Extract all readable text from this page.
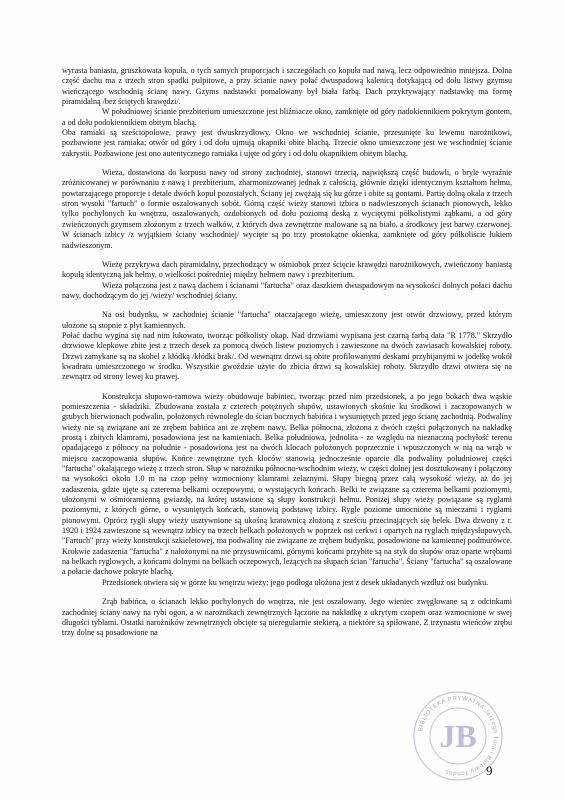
wyrasta baniasta, gruszkowata kopuła, o tych samych proporcjach i szczegółach co kopuła nad nawą, lecz odpowiednio mniejsza. Dolna część dachu ma z trzech stron spadki pulpitowe, a przy ścianie nawy połać dwuspadową kalenicą dotykającą od dołu listwy gzymsu wieńczącego wschodnią ścianę nawy. Gzyms nadstawki pomalowany był biała farbą. Dach przykrywający nadstawkę ma formę piramidalną /bez ściętych krawędzi/.

W południowej ścianie prezbiterium umieszczone jest bliźniacze okno, zamknięte od góry nadokiennikiem pokrytym gontem, a od dołu podokiennikiem obitym blachą.

Oba ramiaki są sześciopolowe, prawy jest dwuskrzydłowy. Okno we wschodniej ścianie, przesunięte ku lewemu narożnikowi, pozbawione jest ramiaka; otwór od góry i od dołu ujmują okapniki obite blachą. Trzecie okno umieszczone jest we wschodniej ścianie zakrystii. Pozbawione jest ono autentycznego ramiaka i ujęte od góry i od dołu okapnikiem obitym blachą.

Wieża, dostawiona do korpusu nawy od strony zachodniej, stanowi trzecią, największą część budowli, o bryle wyraźnie zróżnicowanej w porównaniu z nawą i prezbiterium, zharmonizowanej jednak z całością, głównie dzięki identycznym kształtom hełmu, powtarzającego proporcje i detale dwóch kopuł pozostałych. Ściany jej zwężają się ku górze i obite są gontami. Partię dolną okala z trzech stron wysoki "fartuch" o formie oszalowanych sobót. Górną część wieży stanowi izbica o nadwieszonych ścianach pionowych, lekko tylko pochylonych ku wnętrzu, oszalowanych, ozdobionych od dołu poziomą deską z wyciętymi półkolistymi ząbkami, a od góry zwieńczonych gzymsem złożonym z trzech wałków, z których dwa zewnętrzne malowane są na biało, a środkowy jest barwy czerwonej. W ścianach izbicy /z wyjątkiem ściany wschodniej/ wycięte są po trzy prostokątne okienka, zamknięte od góry półkoliście łukiem nadwieszonym.

Wieżę przykrywa dach piramidalny, przechodzący w ośmiobok przez ścięcie krawędzi narożnikowych, zwieńczony baniastą kopułą identyczną jak hełmy, o wielkości pośredniej między hełmem nawy i prezbiterium.

Wieża połączona jest z nawą dachem i ścianami "fartucha" oraz daszkiem dwuspadowym na wysokości dolnych połaci dachu nawy, dochodzącym do jej /wieży/ wschodniej ściany.

Na osi budynku, w zachodniej ścianie "fartucha" otaczającego wieżę, umieszczony jest otwór drzwiowy, przed którym ułożone są stopnie z płyt kamiennych.

Połać dachu wygina się nad nim łukowato, tworząc półkolisty okap. Nad drzwiami wypisana jest czarną farbą data "R 1778." Skrzydło drzwiowe klepkowe zbite jest z trzech desek za pomocą dwóch listew poziomych i zawieszone na dwóch zawiasach kowalskiej roboty. Drzwi zamykane są na skobel z kłódką /kłódki brak/. Od wewnątrz drzwi są obite profilowanymi deskami przybijanymi w jodełkę wokół kwadratu umieszczonego w środku. Wszystkie gwoździe użyte do zbicia drzwi są kowalskiej roboty. Skrzydło drzwi otwiera się na zewnątrz od strony lewej ku prawej.

Konstrukcja słupowo-ramowa wieży obudowuje babiniec, tworząc przed nim przedsionek, a po jego bokach dwa wąskie pomieszczenia - składziki. Zbudowana została z czterech potężnych słupów, ustawionych skośnie ku środkowi i zaczopowanych w grubych bierwionach podwalin, położonych równolegle do ścian bocznych babińca i wysuniętych przed jego ścianę zachodnią. Podwaliny wieży nie są związane ani ze zrębem babińca ani ze zrębem nawy. Belka północna, złożona z dwóch części połączonych na nakładkę prostą i zbitych klamrami, posadowiona jest na kamieniach. Belka południowa, jednolita - ze względu na nieznaczną pochyłość terenu opadającego z północy na południe - posadowiona jest na dwóch klocach położonych poprzecznie i wpuszczonych w nią na wrąb w miejscu zaczopowania słupów. Końce zewnętrzne tych kloców stanowią jednocześnie oparcie dla podwaliny południowej części "fartucha" okalającego wieżę z trzech stron. Słup w narożniku północno-wschodnim wieży, w części dolnej jest dosztukowany i połączony na wysokości około 1.0 m na czop pełny wzmocniony klamrami żelaznymi. Słupy biegną przez całą wysokość wieży, aż do jej zadaszenia, gdzie ujęte są czterema belkami oczepowymi, o wystających końcach. Belki te związane są czterema belkami poziomymi, ułożonymi w ośmioramienną gwiazdę, na której ustawione są słupy konstrukcji hełmu. Poniżej słupy wieży powiązane są ryglami poziomymi, z których górne, o wysuniętych końcach, stanowią podstawę izbicy. Rygle poziome umocnione są mieczami i ryglami pionowymi. Oprócz rygli słupy wieży usztywnione są ukośną kratownicą złożoną z sześciu przecinających się belek. Dwa dzwony z r. 1920 i 1924 zawieszone są wewnątrz izbicy na trzech belkach położonych w poprzek osi cerkwi i opartych na ryglach międzysłupowych. "Fartuch" przy wieży konstrukcji szkieletowej, ma podwaliny nie związane ze zrębem budynku, posadowione na kamiennej podmurówce. Krokwie zadaszenia "fartucha" z nałożonymi na nie przysuwnicami, górnymi końcami przybite są na styk do słupów oraz oparte wrębami na belkach ryglowych, a końcami dolnymi na belkach oczepowych, leżących na słupach ścian "fartucha". Ściany "fartucha" są oszalowane a połacie dachowe pokryte blachą.

Przedsionek otwiera się w górze ku wnętrzu wieży; jego podłoga ułożona jest z desek układanych wzdłuż osi budynku.

Zrąb babińca, o ścianach lekko pochylonych do wnętrza, nie jest oszalowany. Jego wieniec zwęglowane są z odcinkami zachodniej ściany nawy na rybi ogon, a w narożnikach zewnętrznych łączone na nakładkę z ukrytym czopem oraz wzmocnione w swej długości tyblami. Ostatki narożników zewnętrznych obcięte są nieregularnie siekierą, a niektóre są spiłowane. Z trzynastu wieńców zrębu trzy dolne są posadowione na

BIBLIOTEKA PRYWATNA Jerzego Tura i Barbary Tondos
JB
9
